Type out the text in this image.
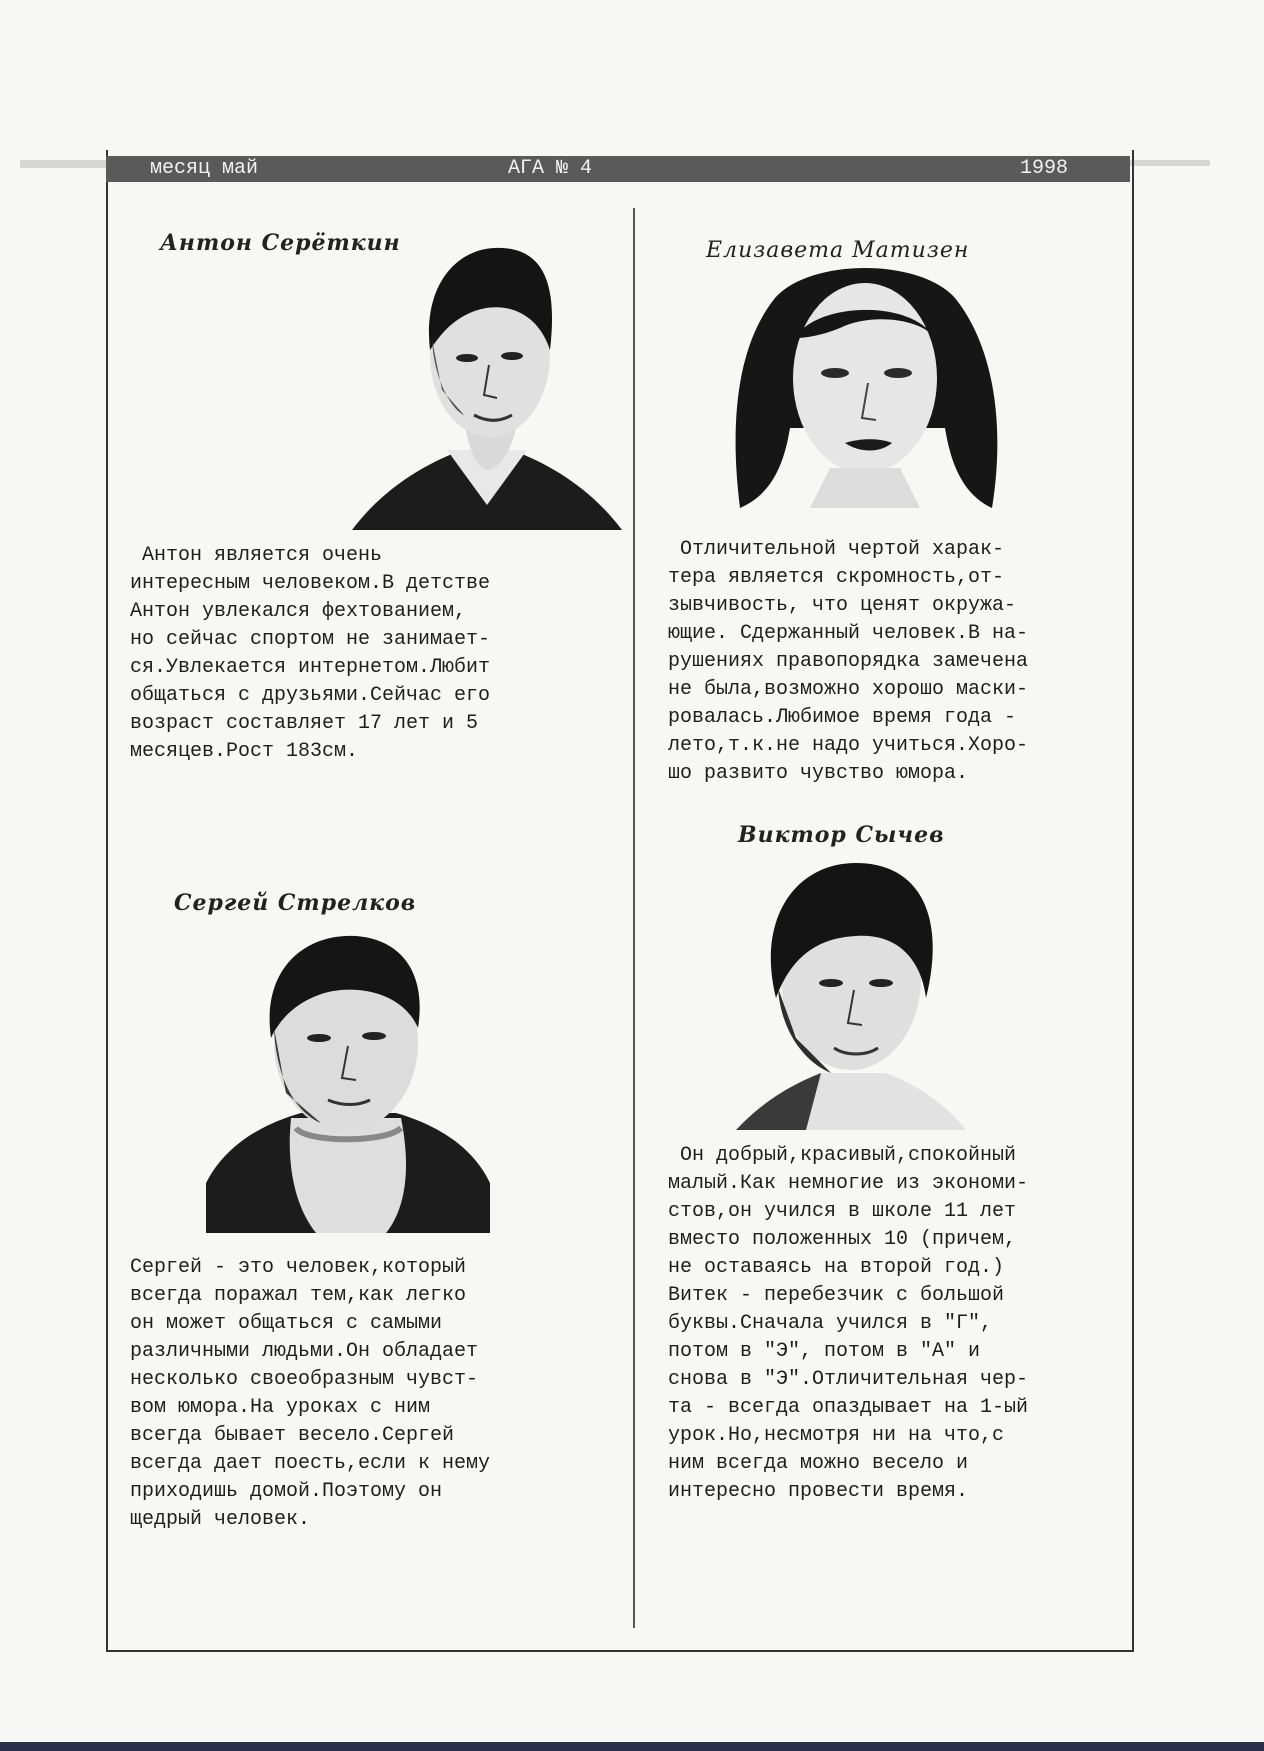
месяц май	АГА № 4	1998
Антон Серёткин
Антон является очень
интересным человеком.В детстве
Антон увлекался фехтованием,
но сейчас спортом не занимает-
ся.Увлекается интернетом.Любит
общаться с друзьями.Сейчас его
возраст составляет 17 лет и 5
месяцев.Рост 183см.
Елизавета Матизен
Отличительной чертой харак-
тера является скромность,от-
зывчивость, что ценят окружа-
ющие. Сдержанный человек.В на-
рушениях правопорядка замечена
не была,возможно хорошо маски-
ровалась.Любимое время года -
лето,т.к.не надо учиться.Хоро-
шо развито чувство юмора.
Сергей Стрелков
Сергей - это человек,который
всегда поражал тем,как легко
он может общаться с самыми
различными людьми.Он обладает
несколько своеобразным чувст-
вом юмора.На уроках с ним
всегда бывает весело.Сергей
всегда дает поесть,если к нему
приходишь домой.Поэтому он
щедрый человек.
Виктор Сычев
Он добрый,красивый,спокойный
малый.Как немногие из экономи-
стов,он учился в школе 11 лет
вместо положенных 10 (причем,
не оставаясь на второй год.)
Витек - перебезчик с большой
буквы.Сначала учился в "Г",
потом в "Э", потом в "А" и
снова в "Э".Отличительная чер-
та - всегда опаздывает на 1-ый
урок.Но,несмотря ни на что,с
ним всегда можно весело и
интересно провести время.
